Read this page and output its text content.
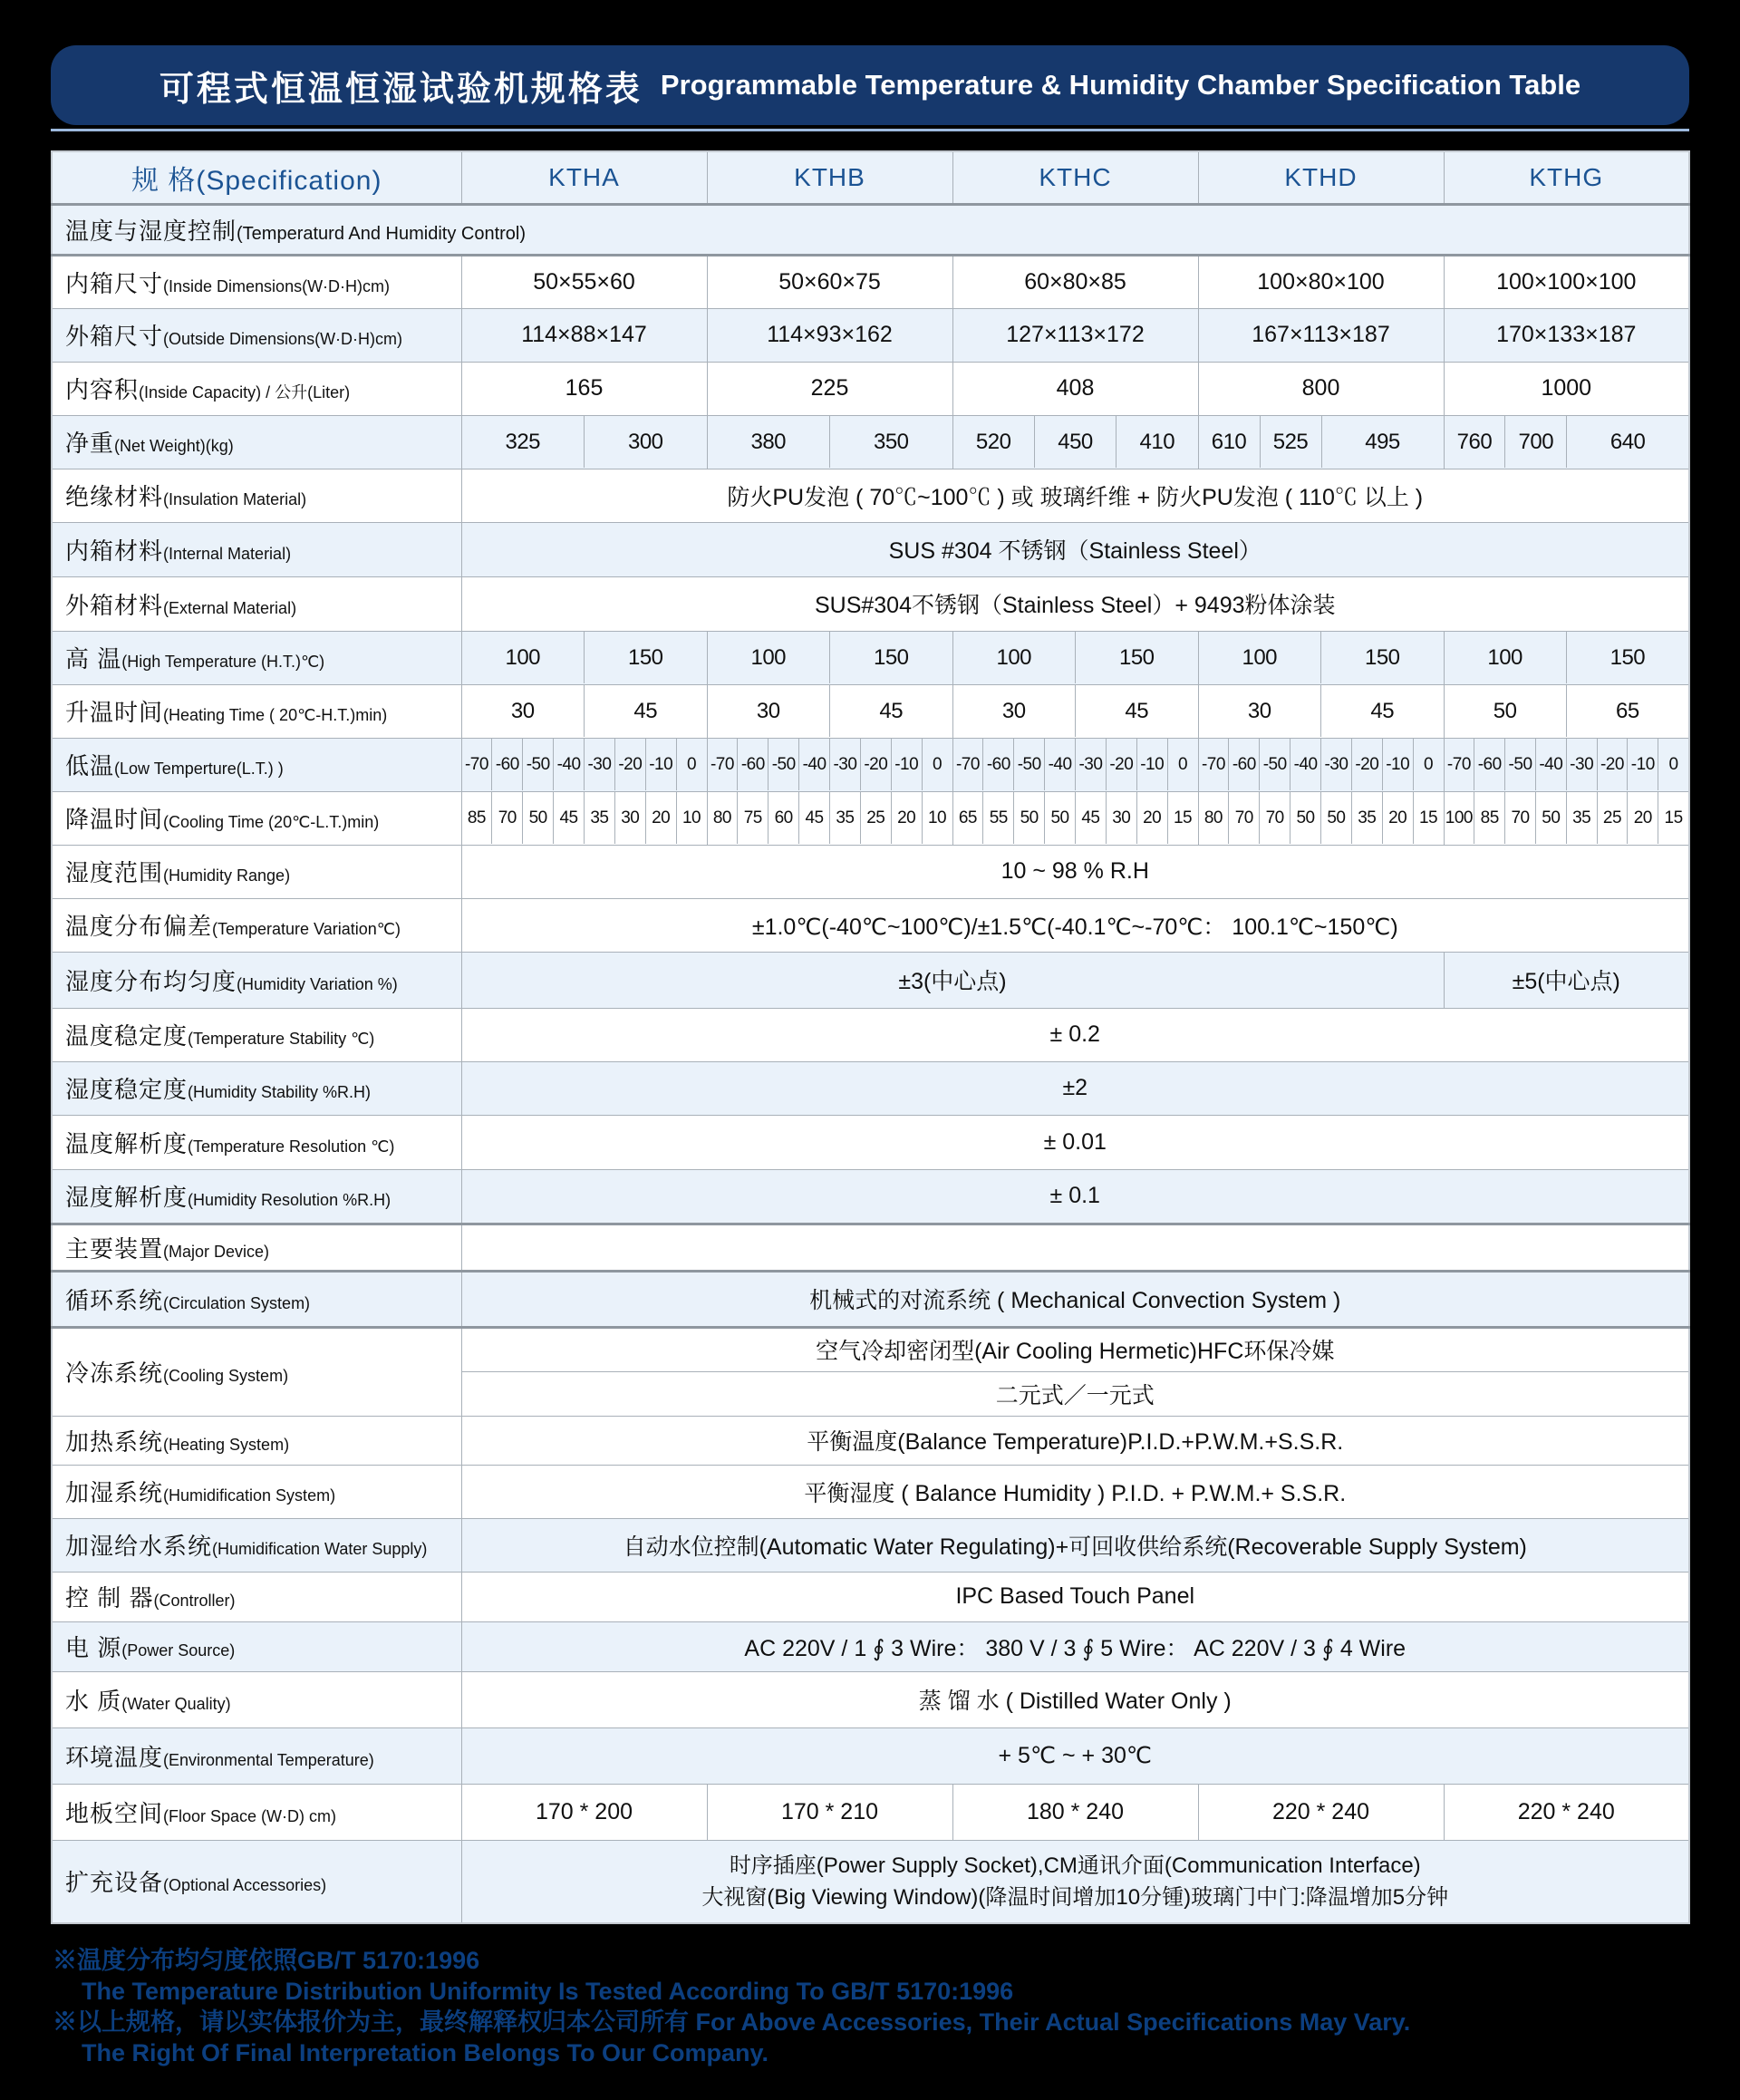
可程式恒温恒湿试验机规格表 Programmable Temperature & Humidity Chamber Specification Table
规 格(Specification)	KTHA	KTHB	KTHC	KTHD	KTHG
温度与湿度控制(Temperaturd And Humidity Control)					
内箱尺寸(Inside Dimensions(W·D·H)cm)	50×55×60	50×60×75	60×80×85	100×80×100	100×100×100
外箱尺寸(Outside Dimensions(W·D·H)cm)	114×88×147	114×93×162	127×113×172	167×113×187	170×133×187
内容积(Inside Capacity) / 公升(Liter)	165	225	408	800	1000
净重(Net Weight)(kg)	325	300	380	350	520	450	410	610	525	495	760	700	640

绝缘材料(Insulation Material)	防火PU发泡 ( 70℃~100℃ ) 或 玻璃纤维 + 防火PU发泡 ( 110℃ 以上 )				
内箱材料(Internal Material)	SUS #304 不锈钢（Stainless Steel）				
外箱材料(External Material)	SUS#304不锈钢（Stainless Steel）+ 9493粉体涂装				
高 温(High Temperature (H.T.)℃)	100	150	100	150	100	150	100	150	100	150

升温时间(Heating Time ( 20℃-H.T.)min)	30	45	30	45	30	45	30	45	50	65

低温(Low Temperture(L.T.) )	-70 -60 -50 -40 -30 -20 -10 0	-70 -60 -50 -40 -30 -20 -10 0	-70 -60 -50 -40 -30 -20 -10 0	-70 -60 -50 -40 -30 -20 -10 0	-70 -60 -50 -40 -30 -20 -10 0

降温时间(Cooling Time (20℃-L.T.)min)	85 70 50 45 35 30 20 10	80 75 60 45 35 25 20 10	65 55 50 50 45 30 20 15	80 70 70 50 50 35 20 15	100 85 70 50 35 25 20 15

湿度范围(Humidity Range)	10 ~ 98 % R.H				
温度分布偏差(Temperature Variation℃)	±1.0℃(-40℃~100℃)/±1.5℃(-40.1℃~-70℃： 100.1℃~150℃)				
湿度分布均匀度(Humidity Variation %)	±3(中心点)				±5(中心点)
温度稳定度(Temperature Stability ℃)	± 0.2				
湿度稳定度(Humidity Stability %R.H)	±2				
温度解析度(Temperature Resolution ℃)	± 0.01				
湿度解析度(Humidity Resolution %R.H)	± 0.1				
主要装置(Major Device)					
循环系统(Circulation System)	机械式的对流系统 ( Mechanical Convection System )				
冷冻系统(Cooling System)	空气冷却密闭型(Air Cooling Hermetic)HFC环保冷媒				
	二元式／一元式				
加热系统(Heating System)	平衡温度(Balance Temperature)P.I.D.+P.W.M.+S.S.R.				
加湿系统(Humidification System)	平衡湿度 ( Balance Humidity ) P.I.D. + P.W.M.+ S.S.R.				
加湿给水系统(Humidification Water Supply)	自动水位控制(Automatic Water Regulating)+可回收供给系统(Recoverable Supply System)				
控 制 器(Controller)	IPC Based Touch Panel				
电 源(Power Source)	AC 220V / 1 ∮ 3 Wire： 380 V / 3 ∮ 5 Wire： AC 220V / 3 ∮ 4 Wire				
水 质(Water Quality)	蒸 馏 水 ( Distilled Water Only )				
环境温度(Environmental Temperature)	+ 5℃ ~ + 30℃				
地板空间(Floor Space (W·D) cm)	170 * 200	170 * 210	180 * 240	220 * 240	220 * 240
扩充设备(Optional Accessories)	时序插座(Power Supply Socket),CM通讯介面(Communication Interface)
大视窗(Big Viewing Window)(降温时间增加10分锺)玻璃门中门:降温增加5分钟				
※温度分布均匀度依照GB/T 5170:1996
The Temperature Distribution Uniformity Is Tested According To GB/T 5170:1996
※以上规格，请以实体报价为主，最终解释权归本公司所有 For Above Accessories, Their Actual Specifications May Vary.
The Right Of Final Interpretation Belongs To Our Company.
